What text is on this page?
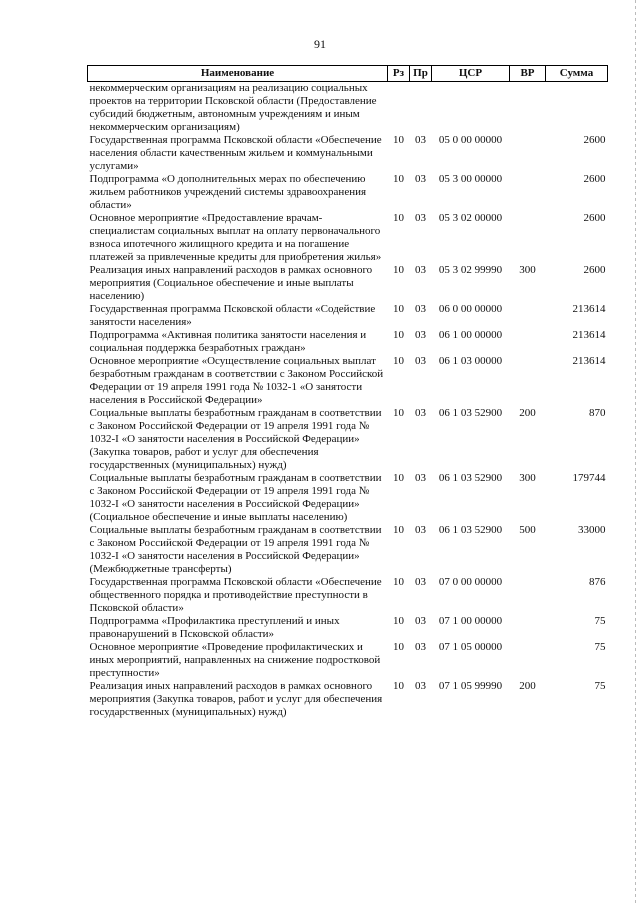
91
Наименование	Рз	Пр	ЦСР	ВР	Сумма
некоммерческим организациям на реализацию социальных проектов на территории Псковской области (Предоставление субсидий бюджетным, автономным учреждениям и иным некоммерческим организациям)					
Государственная программа Псковской области «Обеспечение населения области качественным жильем и коммунальными услугами»	10	03	05 0 00 00000		2600
Подпрограмма «О дополнительных мерах по обеспечению жильем работников учреждений системы здравоохранения области»	10	03	05 3 00 00000		2600
Основное мероприятие «Предоставление врачам-специалистам социальных выплат на оплату первоначального взноса ипотечного жилищного кредита и на погашение платежей за привлеченные кредиты для приобретения жилья»	10	03	05 3 02 00000		2600
Реализация иных направлений расходов в рамках основного мероприятия (Социальное обеспечение и иные выплаты населению)	10	03	05 3 02 99990	300	2600
Государственная программа Псковской области «Содействие занятости населения»	10	03	06 0 00 00000		213614
Подпрограмма «Активная политика занятости населения и социальная поддержка безработных граждан»	10	03	06 1 00 00000		213614
Основное мероприятие «Осуществление социальных выплат безработным гражданам в соответствии с Законом Российской Федерации от 19 апреля 1991 года № 1032-1 «О занятости населения в Российской Федерации»	10	03	06 1 03 00000		213614
Социальные выплаты безработным гражданам в соответствии с Законом Российской Федерации от 19 апреля 1991 года № 1032-I «О занятости населения в Российской Федерации» (Закупка товаров, работ и услуг для обеспечения государственных (муниципальных) нужд)	10	03	06 1 03 52900	200	870
Социальные выплаты безработным гражданам в соответствии с Законом Российской Федерации от 19 апреля 1991 года № 1032-I «О занятости населения в Российской Федерации» (Социальное обеспечение и иные выплаты населению)	10	03	06 1 03 52900	300	179744
Социальные выплаты безработным гражданам в соответствии с Законом Российской Федерации от 19 апреля 1991 года № 1032-I «О занятости населения в Российской Федерации» (Межбюджетные трансферты)	10	03	06 1 03 52900	500	33000
Государственная программа Псковской области «Обеспечение общественного порядка и противодействие преступности в Псковской области»	10	03	07 0 00 00000		876
Подпрограмма «Профилактика преступлений и иных правонарушений в Псковской области»	10	03	07 1 00 00000		75
Основное мероприятие «Проведение профилактических и иных мероприятий, направленных на снижение подростковой преступности»	10	03	07 1 05 00000		75
Реализация иных направлений расходов в рамках основного мероприятия (Закупка товаров, работ и услуг для обеспечения государственных (муниципальных) нужд)	10	03	07 1 05 99990	200	75
